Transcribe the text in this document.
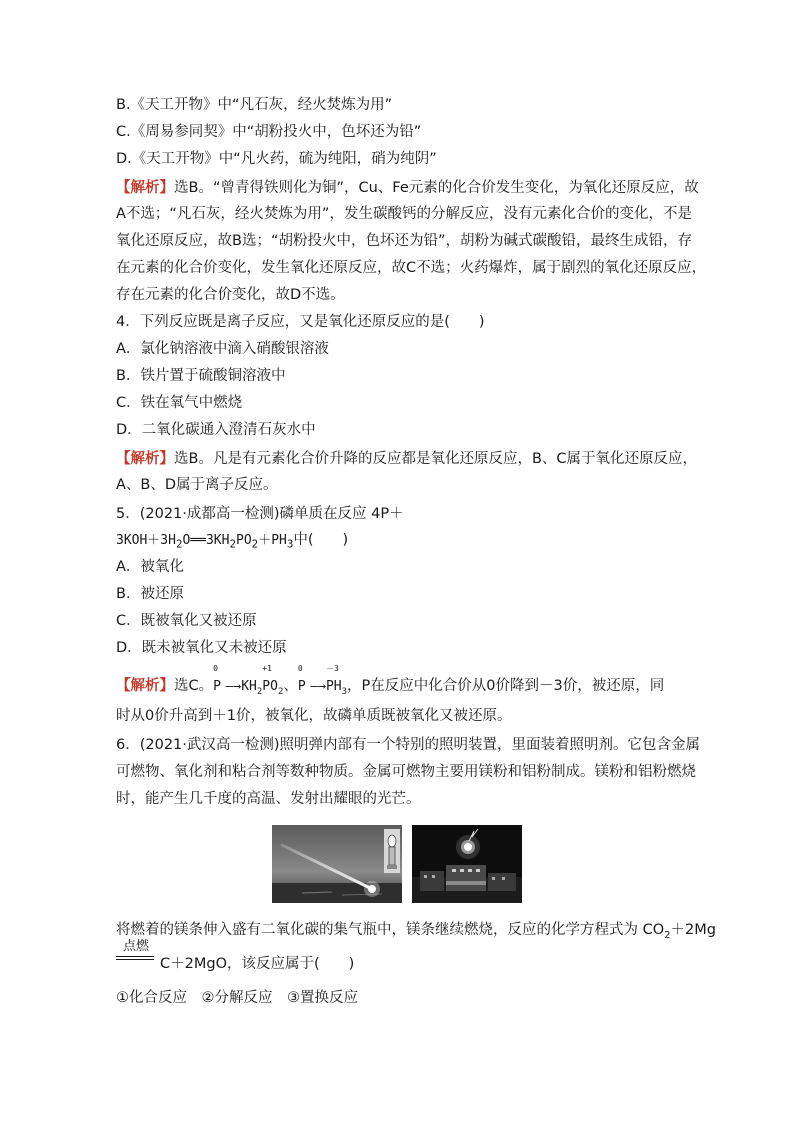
B.《天工开物》中“凡石灰，经火焚炼为用”
C.《周易参同契》中“胡粉投火中，色坏还为铅”
D.《天工开物》中“凡火药，硫为纯阳，硝为纯阴”
【解析】选B。“曾青得铁则化为铜”，Cu、Fe元素的化合价发生变化，为氧化还原反应，故
A不选；“凡石灰，经火焚炼为用”，发生碳酸钙的分解反应，没有元素化合价的变化，不是
氧化还原反应，故B选；“胡粉投火中，色坏还为铅”，胡粉为碱式碳酸铅，最终生成铅，存
在元素的化合价变化，发生氧化还原反应，故C不选；火药爆炸，属于剧烈的氧化还原反应，
存在元素的化合价变化，故D不选。
4．下列反应既是离子反应，又是氧化还原反应的是(　　)
A．氯化钠溶液中滴入硝酸银溶液
B．铁片置于硫酸铜溶液中
C．铁在氧气中燃烧
D．二氧化碳通入澄清石灰水中
【解析】选B。凡是有元素化合价升降的反应都是氧化还原反应，B、C属于氧化还原反应，
A、B、D属于离子反应。
5．(2021·成都高一检测)磷单质在反应 4P＋
$3KOH+3H_2O══3KH_2PO_2+PH_3$中(　　)
A．被氧化
B．被还原
C．既被氧化又被还原
D．既未被氧化又未被还原
【解析】选C。
0
P $—\to KH_2$
+1
$PO_2$、
0
P —→
－3
$PH_3$，P在反应中化合价从0价降到－3价，被还原，同
时从0价升高到＋1价，被氧化，故磷单质既被氧化又被还原。
6．(2021·武汉高一检测)照明弹内部有一个特别的照明装置，里面装着照明剂。它包含金属
可燃物、氧化剂和粘合剂等数种物质。金属可燃物主要用镁粉和铝粉制成。镁粉和铝粉燃烧
时，能产生几千度的高温、发射出耀眼的光芒。
将燃着的镁条伸入盛有二氧化碳的集气瓶中，镁条继续燃烧，反应的化学方程式为 $CO_2+2Mg$
点燃
C＋2MgO，该反应属于(　　)
①化合反应　②分解反应　③置换反应
